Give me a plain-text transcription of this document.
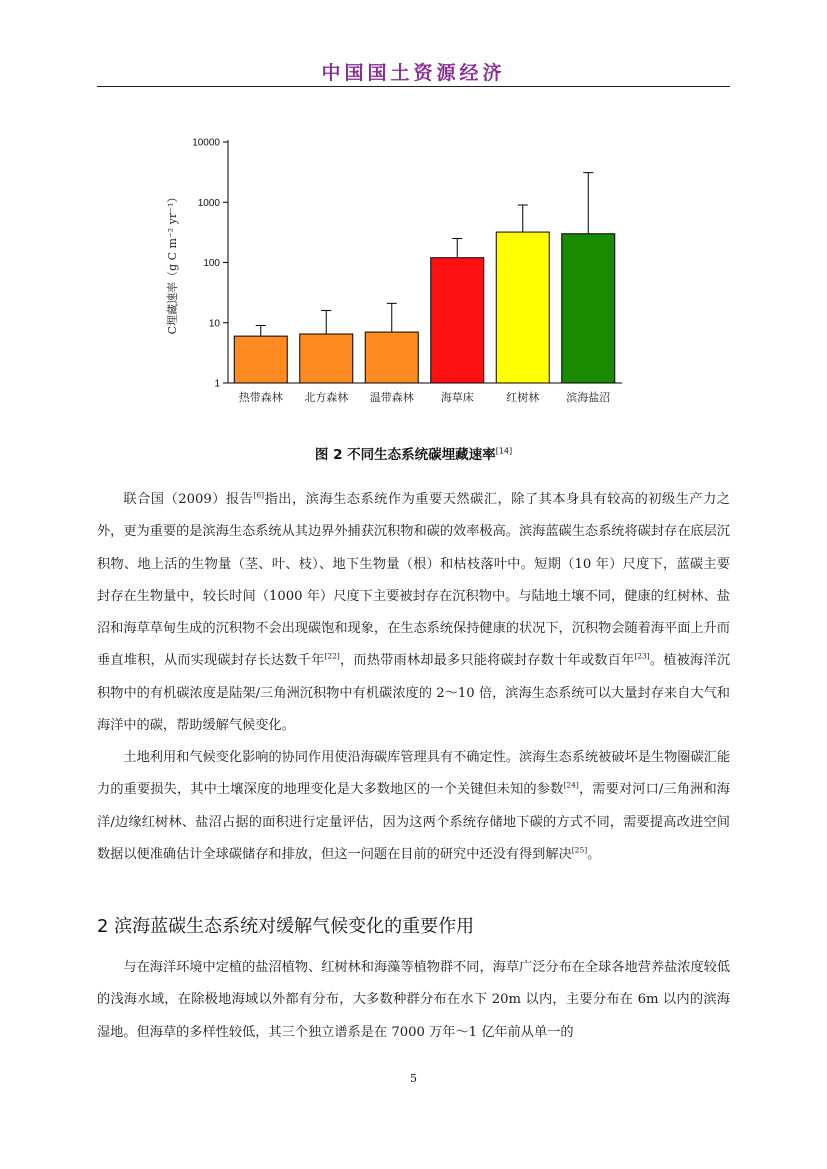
中国国土资源经济
C埋藏速率（g C m⁻² yr⁻¹）
1
10
100
1000
10000
热带森林 北方森林 温带森林 海草床	红树林 滨海盐沼
图 2 不同生态系统碳埋藏速率[14]

联合国（2009）报告[6]指出，滨海生态系统作为重要天然碳汇，除了其本身具有较高的初级生产力之外，更为重要的是滨海生态系统从其边界外捕获沉积物和碳的效率极高。滨海蓝碳生态系统将碳封存在底层沉积物、地上活的生物量（茎、叶、枝）、地下生物量（根）和枯枝落叶中。短期（10 年）尺度下，蓝碳主要封存在生物量中，较长时间（1000 年）尺度下主要被封存在沉积物中。与陆地土壤不同，健康的红树林、盐沼和海草草甸生成的沉积物不会出现碳饱和现象，在生态系统保持健康的状况下，沉积物会随着海平面上升而垂直堆积，从而实现碳封存长达数千年[22]，而热带雨林却最多只能将碳封存数十年或数百年[23]。植被海洋沉积物中的有机碳浓度是陆架/三角洲沉积物中有机碳浓度的 2～10 倍，滨海生态系统可以大量封存来自大气和海洋中的碳，帮助缓解气候变化。

土地利用和气候变化影响的协同作用使沿海碳库管理具有不确定性。滨海生态系统被破坏是生物圈碳汇能力的重要损失，其中土壤深度的地理变化是大多数地区的一个关键但未知的参数[24]，需要对河口/三角洲和海洋/边缘红树林、盐沼占据的面积进行定量评估，因为这两个系统存储地下碳的方式不同，需要提高改进空间数据以便准确估计全球碳储存和排放，但这一问题在目前的研究中还没有得到解决[25]。

2 滨海蓝碳生态系统对缓解气候变化的重要作用

与在海洋环境中定植的盐沼植物、红树林和海藻等植物群不同，海草广泛分布在全球各地营养盐浓度较低的浅海水域，在除极地海域以外都有分布，大多数种群分布在水下 20m 以内，主要分布在 6m 以内的滨海湿地。但海草的多样性较低，其三个独立谱系是在 7000 万年～1 亿年前从单一的

5
